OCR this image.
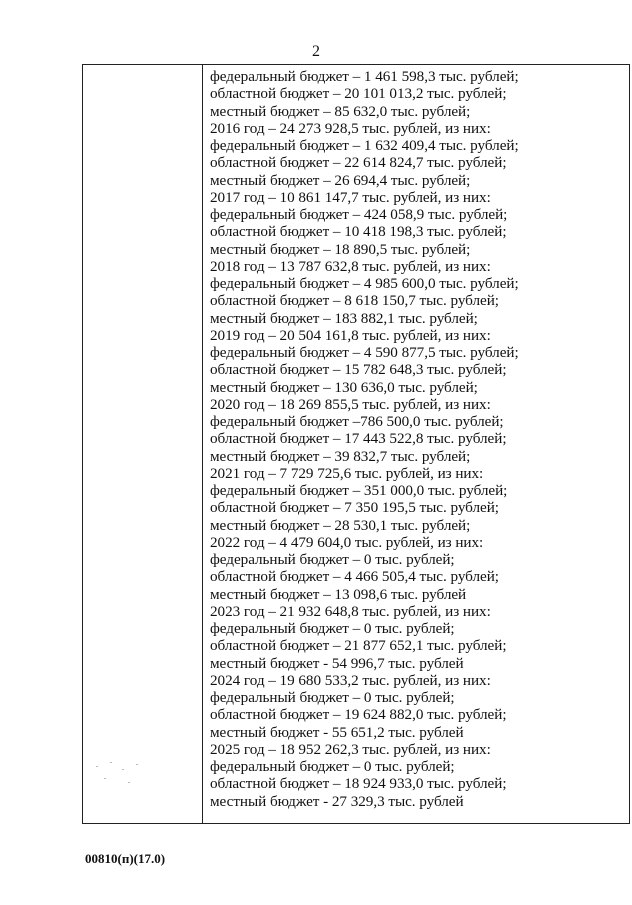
2
федеральный бюджет – 1 461 598,3 тыс. рублей;
областной бюджет – 20 101 013,2 тыс. рублей;
местный бюджет – 85 632,0 тыс. рублей;
2016 год – 24 273 928,5 тыс. рублей, из них:
федеральный бюджет – 1 632 409,4 тыс. рублей;
областной бюджет – 22 614 824,7 тыс. рублей;
местный бюджет – 26 694,4 тыс. рублей;
2017 год – 10 861 147,7 тыс. рублей, из них:
федеральный бюджет – 424 058,9 тыс. рублей;
областной бюджет – 10 418 198,3 тыс. рублей;
местный бюджет – 18 890,5 тыс. рублей;
2018 год – 13 787 632,8 тыс. рублей, из них:
федеральный бюджет – 4 985 600,0 тыс. рублей;
областной бюджет – 8 618 150,7 тыс. рублей;
местный бюджет – 183 882,1 тыс. рублей;
2019 год – 20 504 161,8 тыс. рублей, из них:
федеральный бюджет – 4 590 877,5 тыс. рублей;
областной бюджет – 15 782 648,3 тыс. рублей;
местный бюджет – 130 636,0 тыс. рублей;
2020 год – 18 269 855,5 тыс. рублей, из них:
федеральный бюджет –786 500,0 тыс. рублей;
областной бюджет – 17 443 522,8 тыс. рублей;
местный бюджет – 39 832,7 тыс. рублей;
2021 год – 7 729 725,6 тыс. рублей, из них:
федеральный бюджет – 351 000,0 тыс. рублей;
областной бюджет – 7 350 195,5 тыс. рублей;
местный бюджет – 28 530,1 тыс. рублей;
2022 год – 4 479 604,0 тыс. рублей, из них:
федеральный бюджет – 0 тыс. рублей;
областной бюджет – 4 466 505,4 тыс. рублей;
местный бюджет – 13 098,6 тыс. рублей
2023 год – 21 932 648,8 тыс. рублей, из них:
федеральный бюджет – 0 тыс. рублей;
областной бюджет – 21 877 652,1 тыс. рублей;
местный бюджет - 54 996,7 тыс. рублей
2024 год – 19 680 533,2 тыс. рублей, из них:
федеральный бюджет – 0 тыс. рублей;
областной бюджет – 19 624 882,0 тыс. рублей;
местный бюджет - 55 651,2 тыс. рублей
2025 год – 18 952 262,3 тыс. рублей, из них:
федеральный бюджет – 0 тыс. рублей;
областной бюджет – 18 924 933,0 тыс. рублей;
местный бюджет - 27 329,3 тыс. рублей
00810(п)(17.0)
